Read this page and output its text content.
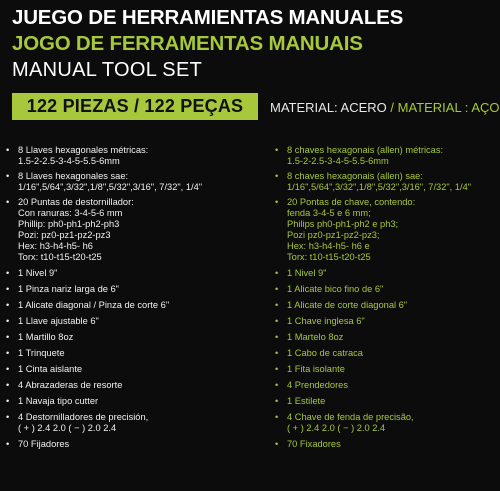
JUEGO DE HERRAMIENTAS MANUALES
JOGO DE FERRAMENTAS MANUAIS
MANUAL TOOL SET
122 PIEZAS / 122 PEÇAS	MATERIAL: ACERO / MATERIAL : AÇO
• 8 Llaves hexagonales métricas:
1.5-2-2.5-3-4-5-5.5-6mm
• 8 Llaves hexagonales sae:
1/16",5/64",3/32",1/8",5/32",3/16", 7/32", 1/4"
• 20 Puntas de destornillador:
Con ranuras: 3-4-5-6 mm
Phillip: ph0-ph1-ph2-ph3
Pozi: pz0-pz1-pz2-pz3
Hex: h3-h4-h5- h6
Torx: t10-t15-t20-t25
• 1 Nivel 9"
• 1 Pinza nariz larga de 6"
• 1 Alicate diagonal / Pinza de corte 6"
• 1 Llave ajustable 6"
• 1 Martillo 8oz
• 1 Trinquete
• 1 Cinta aislante
• 4 Abrazaderas de resorte
• 1 Navaja tipo cutter
• 4 Destornilladores de precisión,
( + ) 2.4 2.0 ( − ) 2.0 2.4
• 70 Fijadores
• 8 chaves hexagonais (allen) métricas:
1.5-2-2.5-3-4-5-5.5-6mm
• 8 chaves hexagonais (allen) sae:
1/16",5/64",3/32",1/8",5/32",3/16", 7/32", 1/4"
• 20 Pontas de chave, contendo:
fenda 3-4-5 e 6 mm;
Philips ph0-ph1-ph2 e ph3;
Pozi pz0-pz1-pz2-pz3;
Hex: h3-h4-h5- h6 e
Torx: t10-t15-t20-t25
• 1 Nivel 9"
• 1 Alicate bico fino de 6"
• 1 Alicate de corte diagonal 6"
• 1 Chave inglesa 6"
• 1 Martelo 8oz
• 1 Cabo de catraca
• 1 Fita isolante
• 4 Prendedores
• 1 Estilete
• 4 Chave de fenda de precisão,
( + ) 2.4 2.0 ( − ) 2.0 2.4
• 70 Fixadores
